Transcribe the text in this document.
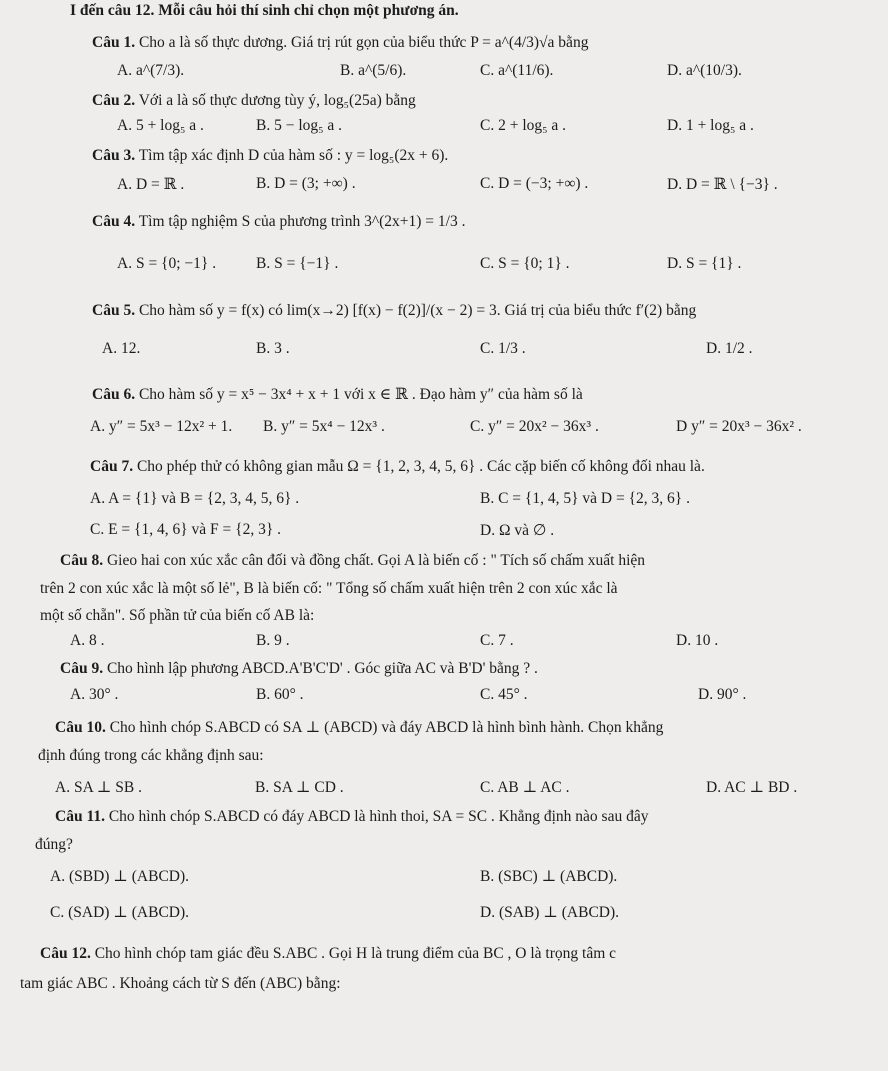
I đến câu 12. Mỗi câu hỏi thí sinh chỉ chọn một phương án.
Câu 1. Cho a là số thực dương. Giá trị rút gọn của biểu thức P = a^(4/3)√a bằng
A. a^(7/3).	B. a^(5/6).	C. a^(11/6).	D. a^(10/3).
Câu 2. Với a là số thực dương tùy ý, log₅(25a) bằng
A. 5 + log₅ a .	B. 5 − log₅ a .	C. 2 + log₅ a .	D. 1 + log₅ a .
Câu 3. Tìm tập xác định D của hàm số : y = log₅(2x + 6).
A. D = ℝ .	B. D = (3; +∞) .	C. D = (−3; +∞) .	D. D = ℝ \ {−3} .
Câu 4. Tìm tập nghiệm S của phương trình 3^(2x+1) = 1/3 .
A. S = {0; −1} .	B. S = {−1} .	C. S = {0; 1} .	D. S = {1} .
Câu 5. Cho hàm số y = f(x) có lim(x→2) [f(x) − f(2)]/(x − 2) = 3. Giá trị của biểu thức f′(2) bằng
A. 12.	B. 3 .	C. 1/3 .	D. 1/2 .
Câu 6. Cho hàm số y = x⁵ − 3x⁴ + x + 1 với x ∈ ℝ . Đạo hàm y″ của hàm số là
A. y″ = 5x³ − 12x² + 1. B. y″ = 5x⁴ − 12x³ .	C. y″ = 20x² − 36x³ .	D y″ = 20x³ − 36x² .
Câu 7. Cho phép thử có không gian mẫu Ω = {1, 2, 3, 4, 5, 6} . Các cặp biến cố không đối nhau là.
A. A = {1} và B = {2, 3, 4, 5, 6} .	B. C = {1, 4, 5} và D = {2, 3, 6} .
C. E = {1, 4, 6} và F = {2, 3} .	D. Ω và ∅ .
Câu 8. Gieo hai con xúc xắc cân đối và đồng chất. Gọi A là biến cố : " Tích số chấm xuất hiện
trên 2 con xúc xắc là một số lẻ", B là biến cố: " Tổng số chấm xuất hiện trên 2 con xúc xắc là
một số chẵn". Số phần tử của biến cố AB là:
A. 8 .	B. 9 .	C. 7 .	D. 10 .
Câu 9. Cho hình lập phương ABCD.A'B'C'D' . Góc giữa AC và B'D' bằng ? .
A. 30° .	B. 60° .	C. 45° .	D. 90° .
Câu 10. Cho hình chóp S.ABCD có SA ⊥ (ABCD) và đáy ABCD là hình bình hành. Chọn khẳng
định đúng trong các khẳng định sau:
A. SA ⊥ SB .	B. SA ⊥ CD .	C. AB ⊥ AC .	D. AC ⊥ BD .
Câu 11. Cho hình chóp S.ABCD có đáy ABCD là hình thoi, SA = SC . Khẳng định nào sau đây
đúng?
A. (SBD) ⊥ (ABCD).	B. (SBC) ⊥ (ABCD).
C. (SAD) ⊥ (ABCD).	D. (SAB) ⊥ (ABCD).
Câu 12. Cho hình chóp tam giác đều S.ABC . Gọi H là trung điểm của BC , O là trọng tâm c
tam giác ABC . Khoảng cách từ S đến (ABC) bằng:
